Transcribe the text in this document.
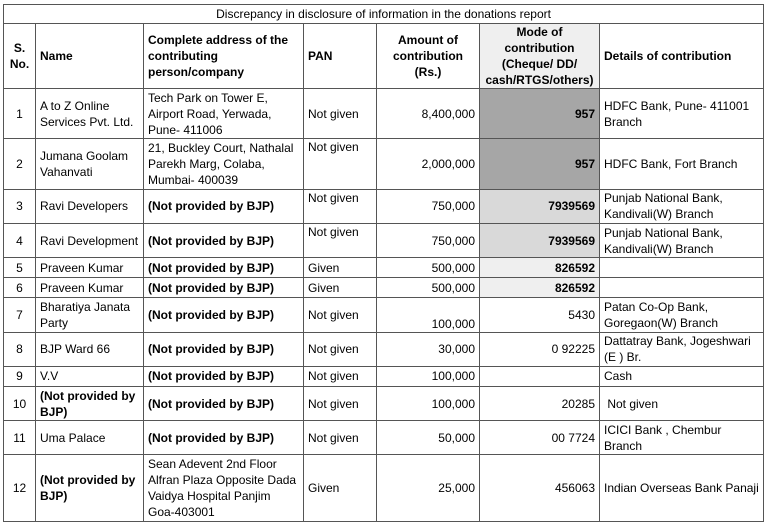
Discrepancy in disclosure of information in the donations report						
S. No.	Name	Complete address of the contributing person/company	PAN	Amount of contribution (Rs.)	Mode of contribution (Cheque/ DD/ cash/RTGS/others)	Details of contribution
1	A to Z Online Services Pvt. Ltd.	Tech Park on Tower E, Airport Road, Yerwada, Pune- 411006	Not given	8,400,000	957	HDFC Bank, Pune- 411001 Branch
2	Jumana Goolam Vahanvati	21, Buckley Court, Nathalal Parekh Marg, Colaba, Mumbai- 400039	Not given	2,000,000	957	HDFC Bank, Fort Branch
3	Ravi Developers	(Not provided by BJP)	Not given	750,000	7939569	Punjab National Bank, Kandivali(W) Branch
4	Ravi Development	(Not provided by BJP)	Not given	750,000	7939569	Punjab National Bank, Kandivali(W) Branch
5	Praveen Kumar	(Not provided by BJP)	Given	500,000	826592	
6	Praveen Kumar	(Not provided by BJP)	Given	500,000	826592	
7	Bharatiya Janata Party	(Not provided by BJP)	Not given	100,000	5430	Patan Co-Op Bank, Goregaon(W) Branch
8	BJP Ward 66	(Not provided by BJP)	Not given	30,000	0 92225	Dattatray Bank, Jogeshwari (E ) Br.
9	V.V	(Not provided by BJP)	Not given	100,000		Cash
10	(Not provided by BJP)	(Not provided by BJP)	Not given	100,000	20285	Not given
11	Uma Palace	(Not provided by BJP)	Not given	50,000	00 7724	ICICI Bank , Chembur Branch
12	(Not provided by BJP)	Sean Adevent 2nd Floor Alfran Plaza Opposite Dada Vaidya Hospital Panjim Goa-403001	Given	25,000	456063	Indian Overseas Bank Panaji
